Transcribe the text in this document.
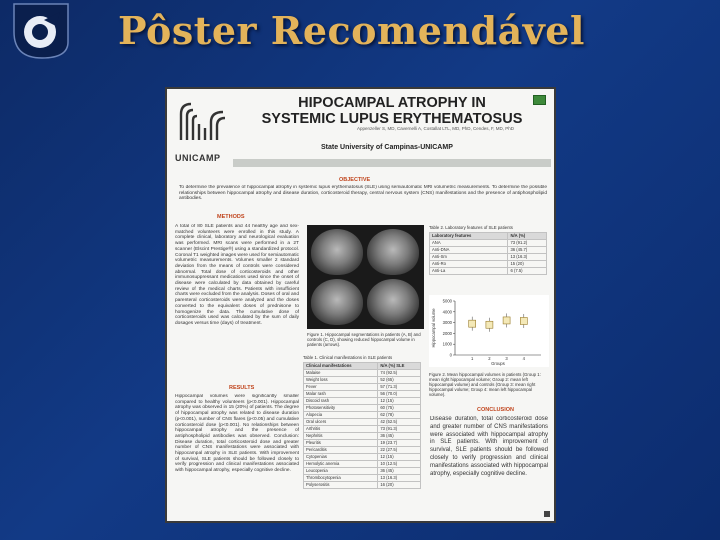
Pôster Recomendável
UNICAMP
HIPOCAMPAL ATROPHY IN
SYSTEMIC LUPUS ERYTHEMATOSUS
Appenzeller S, MD, Cavernelli A, Costallat LTL, MD, PhD, Cendes, F, MD, PhD
State University of Campinas-UNICAMP
OBJECTIVE
To determine the prevalence of hippocampal atrophy in systemic lupus erythematosus (SLE) using semiautomatic MRI volumetric measurements. To determine the possible relationships between hippocampal atrophy and disease duration, corticosteroid therapy, central nervous system (CNS) manifestations and the presence of antiphospholipid antibodies.
METHODS
A total of 80 SLE patients and 44 healthy age and sex-matched volunteers were enrolled in this study. A complete clinical, laboratory and neurological evaluation was performed. MRI scans were performed in a 2T scanner (Elscint Prestige®) using a standardized protocol. Coronal T1 weighted images were used for semiautomatic volumetric measurements. Volumes smaller 2 standard deviation from the means of controls were considered abnormal. Total dose of corticosteroids and other immunosuppressant medications used since the onset of disease were calculated by data obtained by careful review of the medical charts. Patients with insufficient charts were excluded from the analysis. Doses of oral and parenteral corticosteroids were analyzed and the doses converted to the equivalent doses of prednisone to homogenize the data. The cumulative dose of corticosteroids used was calculated by the sum of daily dosages versus time (days) of treatment.
Figure 1. Hippocampal segmentations in patients (A, B) and controls (C, D), showing reduced hippocampal volume in patients (arrows).
Table 2. Laboratory features of SLE patients
Laboratory features	N/A (%)
ANA	73 (91.2)
Anti-DNA	36 (45.7)
Anti-Sm	13 (16.3)
Anti-Ro	15 (20)
Anti-La	6 (7.5)
0
1000
2000
3000
4000
5000
1	2	3	4
Hippocampal volume
Groups
Figure 2. Mean hippocampal volumes in patients (Group 1: mean right hippocampal volume; Group 2: mean left hippocampal volume) and controls (Group 3: mean right hippocampal volume; Group 4: mean left hippocampal volume).
RESULTS
Hippocampal volumes were significantly smaller compared to healthy volunteers (p<0.001). Hippocampal atrophy was observed in 15 (20%) of patients. The degree of hippocampal atrophy was related to disease duration (p<0.001), number of CNS flares (p<0.05) and cumulative corticosteroid dose (p<0.001). No relationships between hippocampal atrophy and the presence of antiphospholipid antibodies was observed. Conclusion: Disease duration, total corticosteroid dose and greater number of CNS manifestations were associated with hippocampal atrophy in SLE patients. With improvement of survival, SLE patients should be followed closely to verify progression and clinical manifestations associated with hippocampal atrophy, especially cognitive decline.
Table 1. Clinical manifestations in SLE patients
Clinical manifestations	N/A (%) SLE
Malaise	74 (92.5)
Weight loss	52 (65)
Fever	57 (71.3)
Malar rash	56 (70.0)
Discoid rash	12 (15)
Photosensitivity	60 (75)
Alopecia	62 (78)
Oral ulcers	42 (52.5)
Arthritis	73 (91.3)
Nephritis	36 (45)
Pleuritis	19 (23.7)
Pericarditis	22 (27.5)
Cytopenias	12 (15)
Hemolytic anemia	10 (12.5)
Leucopenia	36 (45)
Thrombocytopenia	13 (16.3)
Polyserositis	16 (20)
CONCLUSION
Disease duration, total corticosteroid dose and greater number of CNS manifestations were associated with hippocampal atrophy in SLE patients. With improvement of survival, SLE patients should be followed closely to verify progression and clinical manifestations associated with hippocampal atrophy, especially cognitive decline.
